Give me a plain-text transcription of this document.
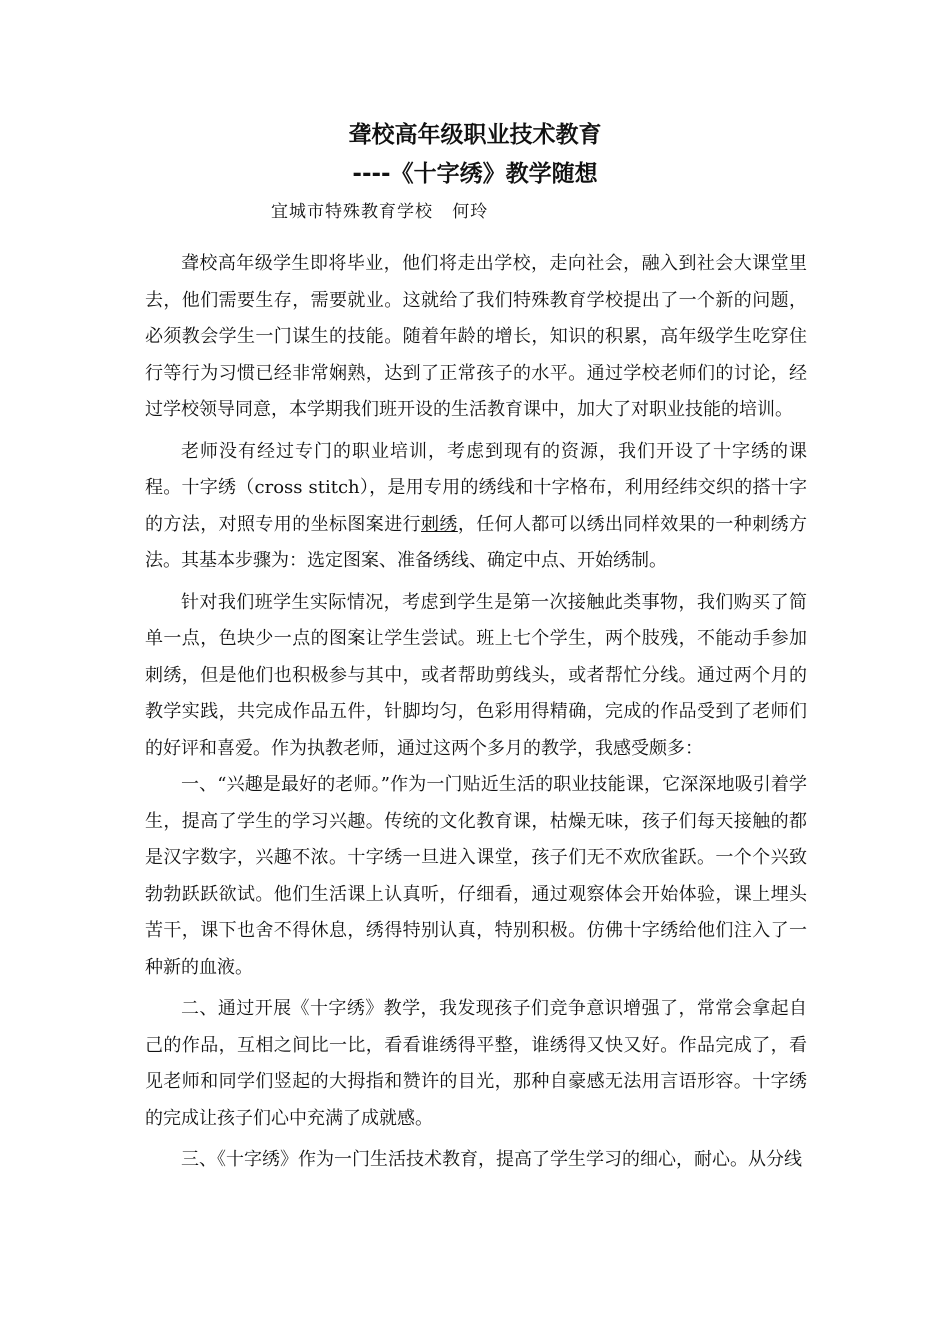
聋校高年级职业技术教育
----《十字绣》教学随想
宜城市特殊教育学校   何玲

聋校高年级学生即将毕业，他们将走出学校，走向社会，融入到社会大课堂里去，他们需要生存，需要就业。这就给了我们特殊教育学校提出了一个新的问题，必须教会学生一门谋生的技能。随着年龄的增长，知识的积累，高年级学生吃穿住行等行为习惯已经非常娴熟，达到了正常孩子的水平。通过学校老师们的讨论，经过学校领导同意，本学期我们班开设的生活教育课中，加大了对职业技能的培训。

老师没有经过专门的职业培训，考虑到现有的资源，我们开设了十字绣的课程。十字绣（cross stitch），是用专用的绣线和十字格布，利用经纬交织的搭十字的方法，对照专用的坐标图案进行刺绣，任何人都可以绣出同样效果的一种刺绣方法。其基本步骤为：选定图案、准备绣线、确定中点、开始绣制。

针对我们班学生实际情况，考虑到学生是第一次接触此类事物，我们购买了简单一点，色块少一点的图案让学生尝试。班上七个学生，两个肢残，不能动手参加刺绣，但是他们也积极参与其中，或者帮助剪线头，或者帮忙分线。通过两个月的教学实践，共完成作品五件，针脚均匀，色彩用得精确，完成的作品受到了老师们的好评和喜爱。作为执教老师，通过这两个多月的教学，我感受颇多：

一、“兴趣是最好的老师。”作为一门贴近生活的职业技能课，它深深地吸引着学生，提高了学生的学习兴趣。传统的文化教育课，枯燥无味，孩子们每天接触的都是汉字数字，兴趣不浓。十字绣一旦进入课堂，孩子们无不欢欣雀跃。一个个兴致勃勃跃跃欲试。他们生活课上认真听，仔细看，通过观察体会开始体验，课上埋头苦干，课下也舍不得休息，绣得特别认真，特别积极。仿佛十字绣给他们注入了一种新的血液。

二、通过开展《十字绣》教学，我发现孩子们竞争意识增强了，常常会拿起自己的作品，互相之间比一比，看看谁绣得平整，谁绣得又快又好。作品完成了，看见老师和同学们竖起的大拇指和赞许的目光，那种自豪感无法用言语形容。十字绣的完成让孩子们心中充满了成就感。

三、《十字绣》作为一门生活技术教育，提高了学生学习的细心，耐心。从分线
